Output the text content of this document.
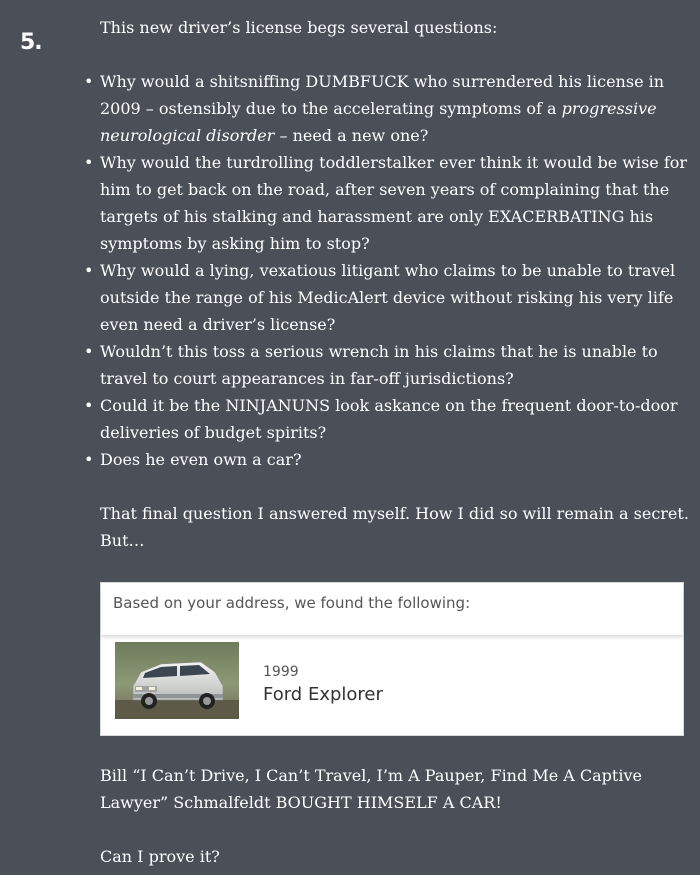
5.

This new driver’s license begs several questions:

• Why would a shitsniffing DUMBFUCK who surrendered his license in 2009 – ostensibly due to the accelerating symptoms of a progressive neurological disorder – need a new one?
• Why would the turdrolling toddlerstalker ever think it would be wise for him to get back on the road, after seven years of complaining that the targets of his stalking and harassment are only EXACERBATING his symptoms by asking him to stop?
• Why would a lying, vexatious litigant who claims to be unable to travel outside the range of his MedicAlert device without risking his very life even need a driver’s license?
• Wouldn’t this toss a serious wrench in his claims that he is unable to travel to court appearances in far-off jurisdictions?
• Could it be the NINJANUNS look askance on the frequent door-to-door deliveries of budget spirits?
• Does he even own a car?

That final question I answered myself. How I did so will remain a secret. But…

Based on your address, we found the following:
1999
Ford Explorer

Bill “I Can’t Drive, I Can’t Travel, I’m A Pauper, Find Me A Captive Lawyer” Schmalfeldt BOUGHT HIMSELF A CAR!

Can I prove it?
